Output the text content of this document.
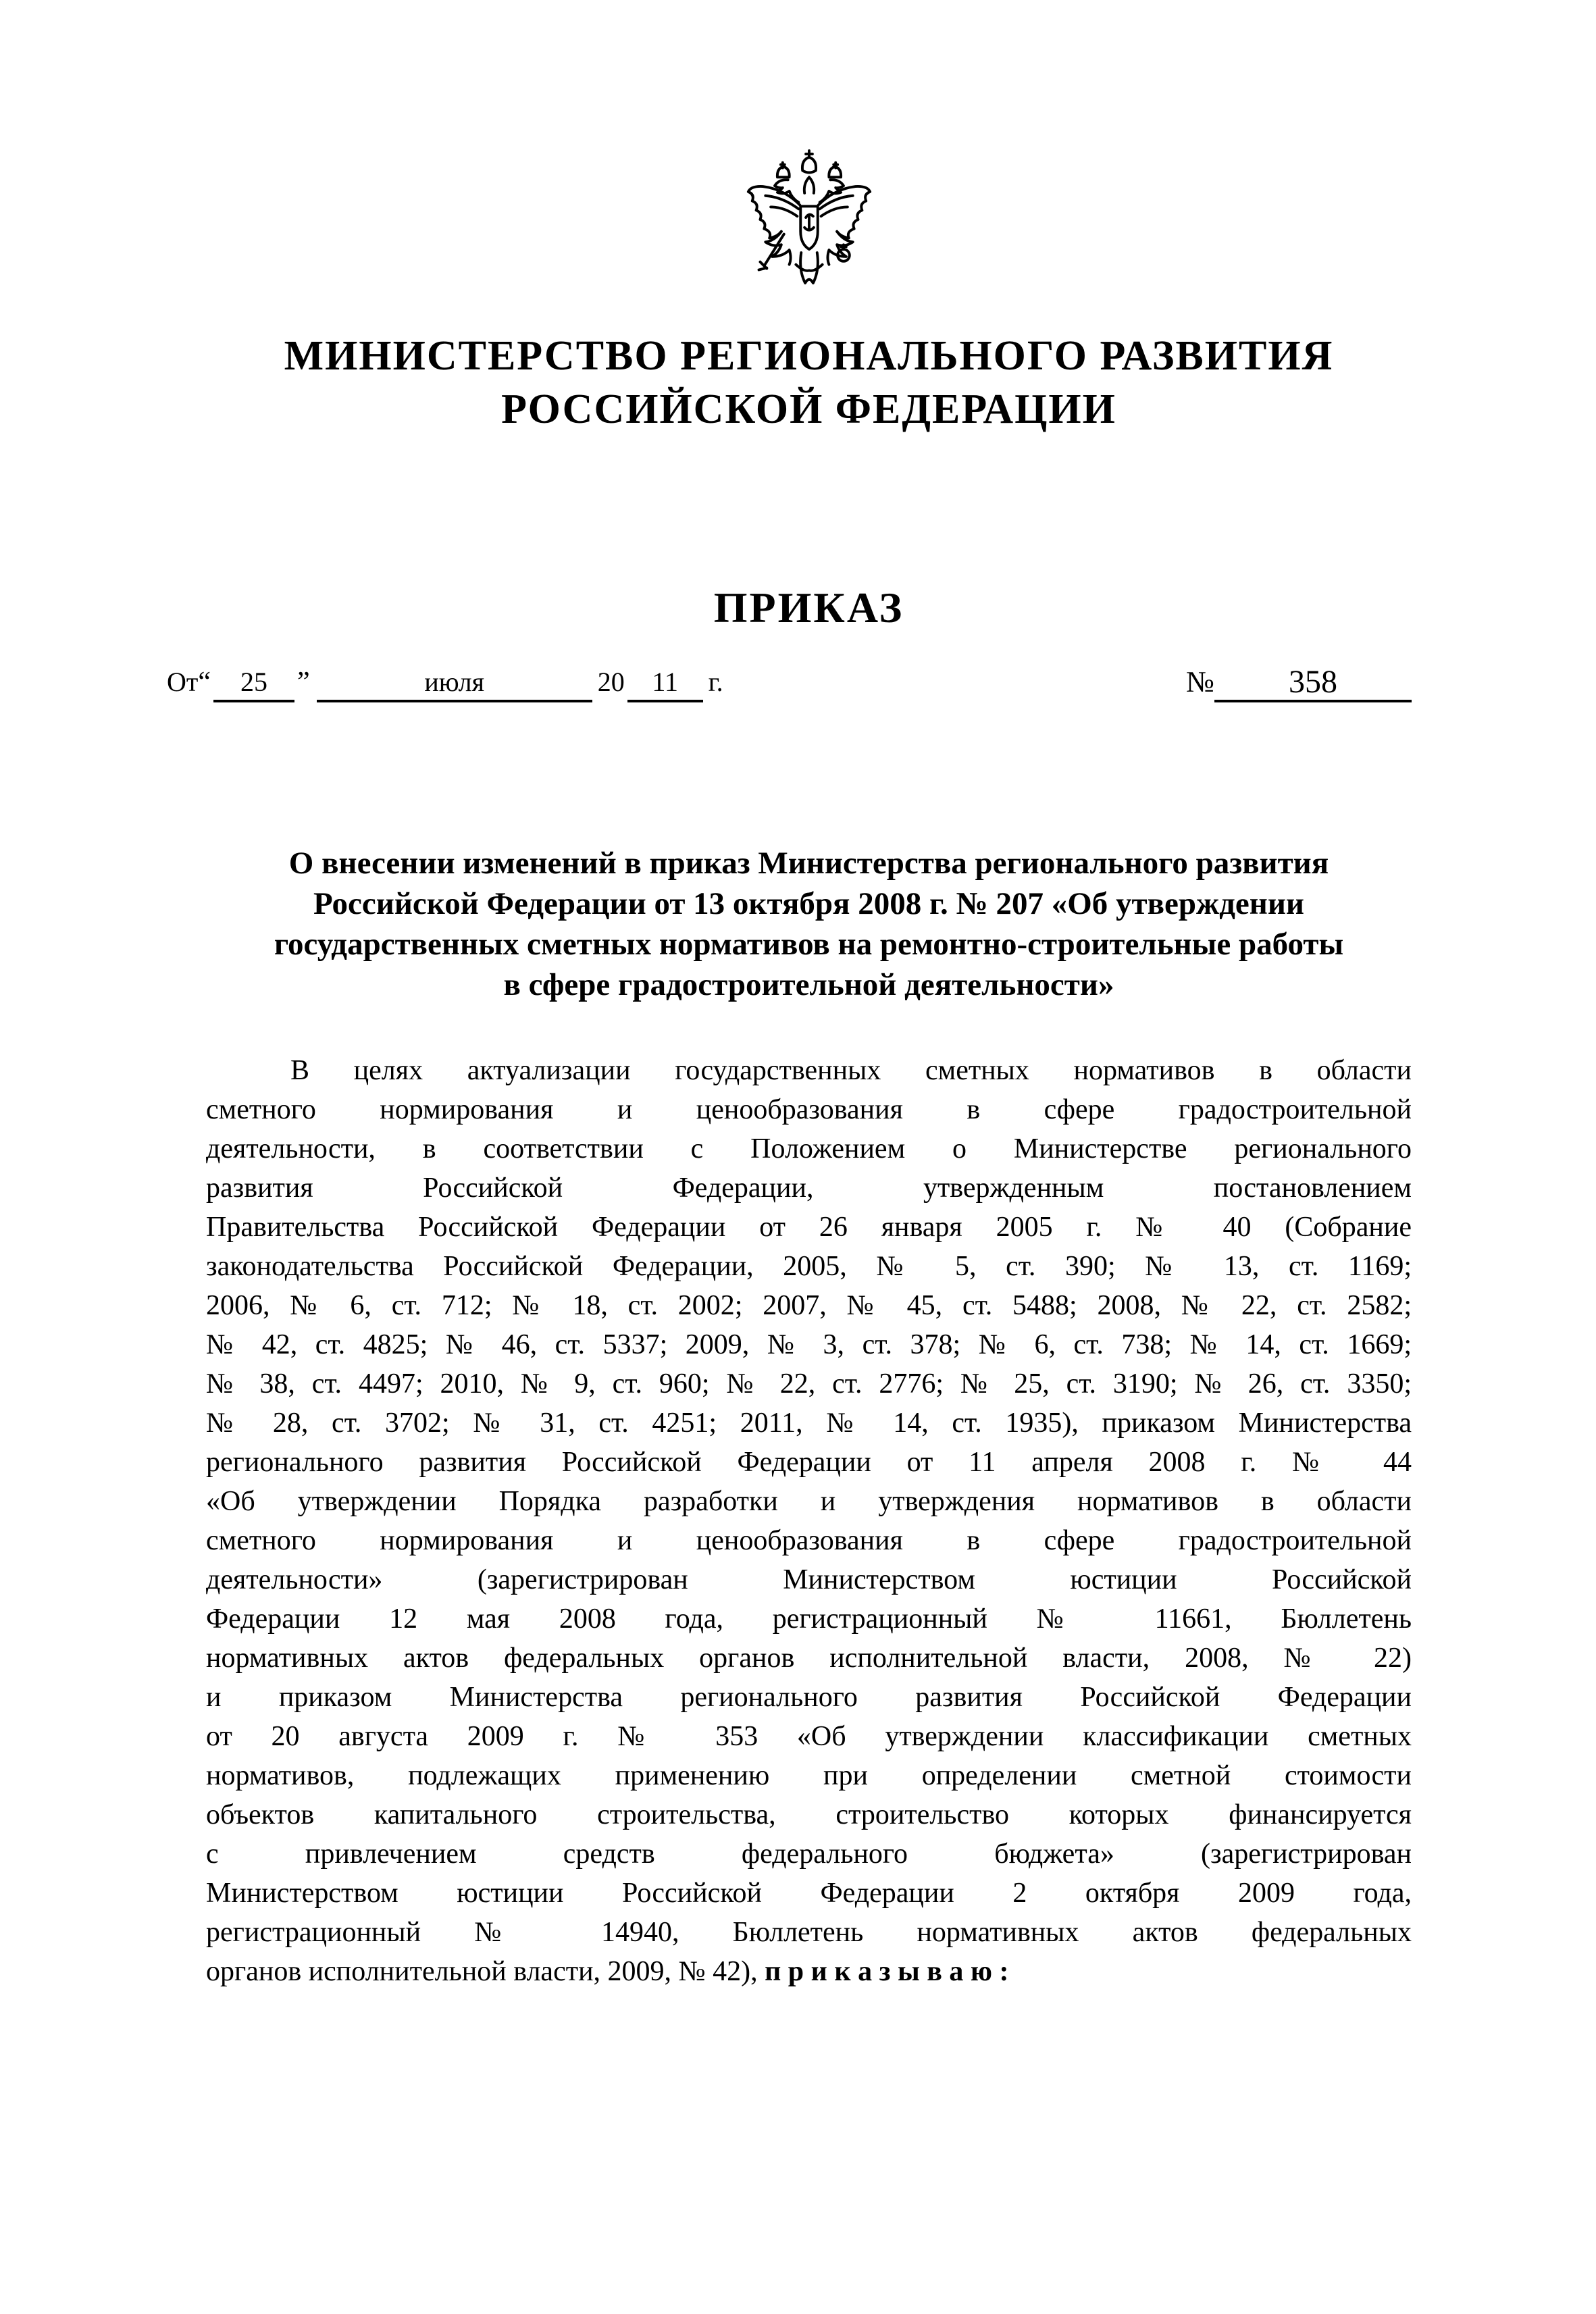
МИНИСТЕРСТВО РЕГИОНАЛЬНОГО РАЗВИТИЯ
РОССИЙСКОЙ ФЕДЕРАЦИИ
ПРИКАЗ
От “	25	”	июля	20	11	г.	№	358
О внесении изменений в приказ Министерства регионального развития
Российской Федерации от 13 октября 2008 г. № 207 «Об утверждении
государственных сметных нормативов на ремонтно-строительные работы
в сфере градостроительной деятельности»
В целях актуализации государственных сметных нормативов в области
сметного нормирования и ценообразования в сфере градостроительной
деятельности, в соответствии с Положением о Министерстве регионального
развития Российской Федерации, утвержденным постановлением
Правительства Российской Федерации от 26 января 2005 г. № 40 (Собрание
законодательства Российской Федерации, 2005, № 5, ст. 390; № 13, ст. 1169;
2006, № 6, ст. 712; № 18, ст. 2002; 2007, № 45, ст. 5488; 2008, № 22, ст. 2582;
№ 42, ст. 4825; № 46, ст. 5337; 2009, № 3, ст. 378; № 6, ст. 738; № 14, ст. 1669;
№ 38, ст. 4497; 2010, № 9, ст. 960; № 22, ст. 2776; № 25, ст. 3190; № 26, ст. 3350;
№ 28, ст. 3702; № 31, ст. 4251; 2011, № 14, ст. 1935), приказом Министерства
регионального развития Российской Федерации от 11 апреля 2008 г. № 44
«Об утверждении Порядка разработки и утверждения нормативов в области
сметного нормирования и ценообразования в сфере градостроительной
деятельности» (зарегистрирован Министерством юстиции Российской
Федерации 12 мая 2008 года, регистрационный № 11661, Бюллетень
нормативных актов федеральных органов исполнительной власти, 2008, № 22)
и приказом Министерства регионального развития Российской Федерации
от 20 августа 2009 г. № 353 «Об утверждении классификации сметных
нормативов, подлежащих применению при определении сметной стоимости
объектов капитального строительства, строительство которых финансируется
с привлечением средств федерального бюджета» (зарегистрирован
Министерством юстиции Российской Федерации 2 октября 2009 года,
регистрационный № 14940, Бюллетень нормативных актов федеральных
органов исполнительной власти, 2009, № 42), п р и к а з ы в а ю :
